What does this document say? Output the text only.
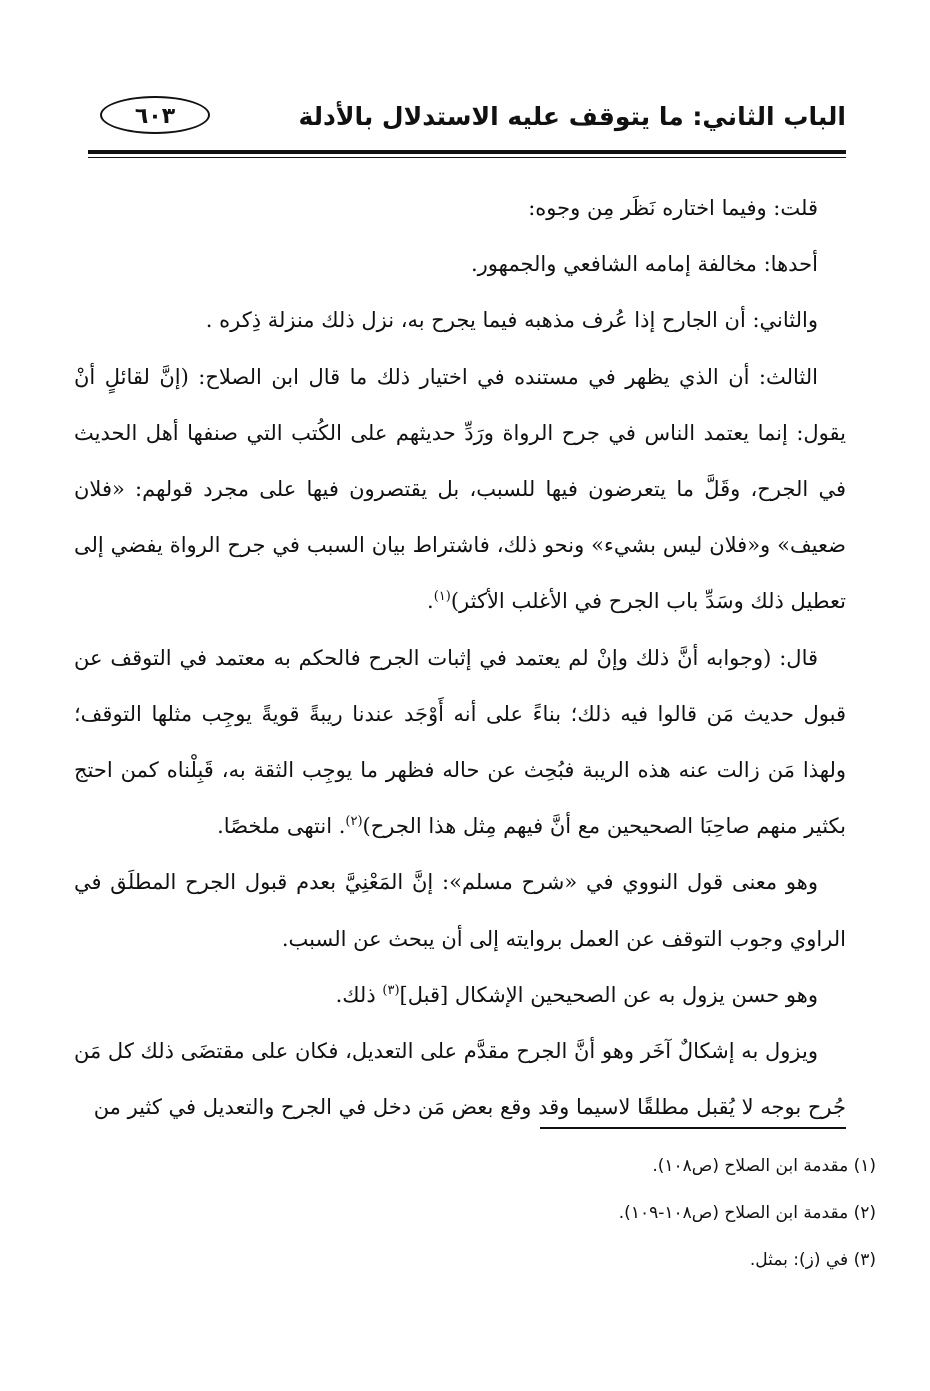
الباب الثاني: ما يتوقف عليه الاستدلال بالأدلة
٦٠٣

قلت: وفيما اختاره نَظَر مِن وجوه:

أحدها: مخالفة إمامه الشافعي والجمهور.

والثاني: أن الجارح إذا عُرف مذهبه فيما يجرح به، نزل ذلك منزلة ذِكره .

الثالث: أن الذي يظهر في مستنده في اختيار ذلك ما قال ابن الصلاح: (إنَّ لقائلٍ أنْ يقول: إنما يعتمد الناس في جرح الرواة ورَدِّ حديثهم على الكُتب التي صنفها أهل الحديث في الجرح، وقَلَّ ما يتعرضون فيها للسبب، بل يقتصرون فيها على مجرد قولهم: «فلان ضعيف» و«فلان ليس بشيء» ونحو ذلك، فاشتراط بيان السبب في جرح الرواة يفضي إلى تعطيل ذلك وسَدِّ باب الجرح في الأغلب الأكثر)$^{(١)}$.

قال: (وجوابه أنَّ ذلك وإنْ لم يعتمد في إثبات الجرح فالحكم به معتمد في التوقف عن قبول حديث مَن قالوا فيه ذلك؛ بناءً على أنه أَوْجَد عندنا ريبةً قويةً يوجِب مثلها التوقف؛ ولهذا مَن زالت عنه هذه الريبة فبُحِث عن حاله فظهر ما يوجِب الثقة به، قَبِلْناه كمن احتج بكثير منهم صاحِبَا الصحيحين مع أنَّ فيهم مِثل هذا الجرح)$^{(٢)}$. انتهى ملخصًا.

وهو معنى قول النووي في «شرح مسلم»: إنَّ المَعْنِيَّ بعدم قبول الجرح المطلَق في الراوي وجوب التوقف عن العمل بروايته إلى أن يبحث عن السبب.

وهو حسن يزول به عن الصحيحين الإشكال [قبل]$^{(٣)}$ ذلك.

ويزول به إشكالٌ آخَر وهو أنَّ الجرح مقدَّم على التعديل، فكان على مقتضَى ذلك كل مَن جُرح بوجه لا يُقبل مطلقًا لاسيما وقد وقع بعض مَن دخل في الجرح والتعديل في كثير من

(١) مقدمة ابن الصلاح (ص١٠٨).

(٢) مقدمة ابن الصلاح (ص١٠٨-١٠٩).

(٣) في (ز): بمثل.
